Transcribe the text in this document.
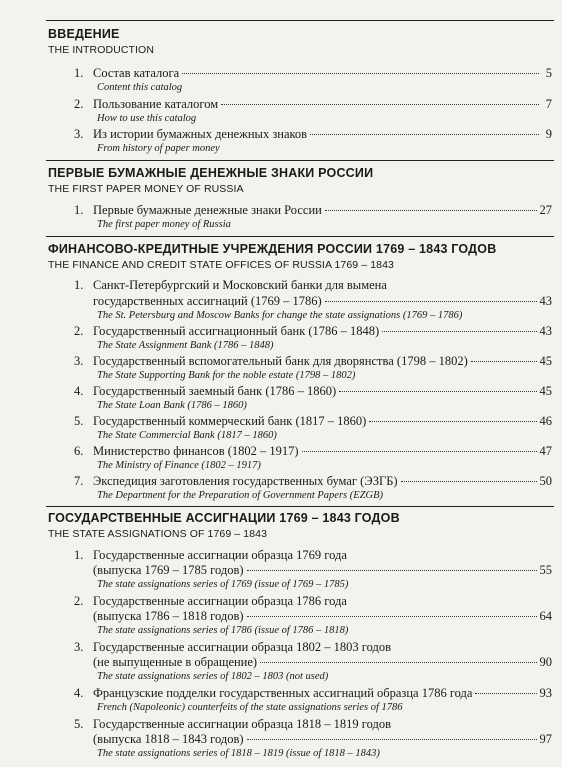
ВВЕДЕНИЕ
THE INTRODUCTION
1. Состав каталога	5
Content this catalog
2. Пользование каталогом	7
How to use this catalog
3. Из истории бумажных денежных знаков	9
From history of paper money
ПЕРВЫЕ БУМАЖНЫЕ ДЕНЕЖНЫЕ ЗНАКИ РОССИИ
THE FIRST PAPER MONEY OF RUSSIA
1. Первые бумажные денежные знаки России	27
The first paper money of Russia
ФИНАНСОВО-КРЕДИТНЫЕ УЧРЕЖДЕНИЯ РОССИИ 1769 – 1843 ГОДОВ
THE FINANCE AND CREDIT STATE OFFICES OF RUSSIA 1769 – 1843
1. Санкт-Петербургский и Московский банки для вымена
государственных ассигнаций (1769 – 1786)	43
The St. Petersburg and Moscow Banks for change the state assignations (1769 – 1786)
2. Государственный ассигнационный банк (1786 – 1848)	43
The State Assignment Bank (1786 – 1848)
3. Государственный вспомогательный банк для дворянства (1798 – 1802)	45
The State Supporting Bank for the noble estate (1798 – 1802)
4. Государственный заемный банк (1786 – 1860)	45
The State Loan Bank (1786 – 1860)
5. Государственный коммерческий банк (1817 – 1860)	46
The State Commercial Bank (1817 – 1860)
6. Министерство финансов (1802 – 1917)	47
The Ministry of Finance (1802 – 1917)
7. Экспедиция заготовления государственных бумаг (ЭЗГБ)	50
The Department for the Preparation of Government Papers (EZGB)
ГОСУДАРСТВЕННЫЕ АССИГНАЦИИ 1769 – 1843 ГОДОВ
THE STATE ASSIGNATIONS OF 1769 – 1843
1. Государственные ассигнации образца 1769 года
(выпуска 1769 – 1785 годов)	55
The state assignations series of 1769 (issue of 1769 – 1785)
2. Государственные ассигнации образца 1786 года
(выпуска 1786 – 1818 годов)	64
The state assignations series of 1786 (issue of 1786 – 1818)
3. Государственные ассигнации образца 1802 – 1803 годов
(не выпущенные в обращение)	90
The state assignations series of 1802 – 1803 (not used)
4. Французские подделки государственных ассигнаций образца 1786 года	93
French (Napoleonic) counterfeits of the state assignations series of 1786
5. Государственные ассигнации образца 1818 – 1819 годов
(выпуска 1818 – 1843 годов)	97
The state assignations series of 1818 – 1819 (issue of 1818 – 1843)
